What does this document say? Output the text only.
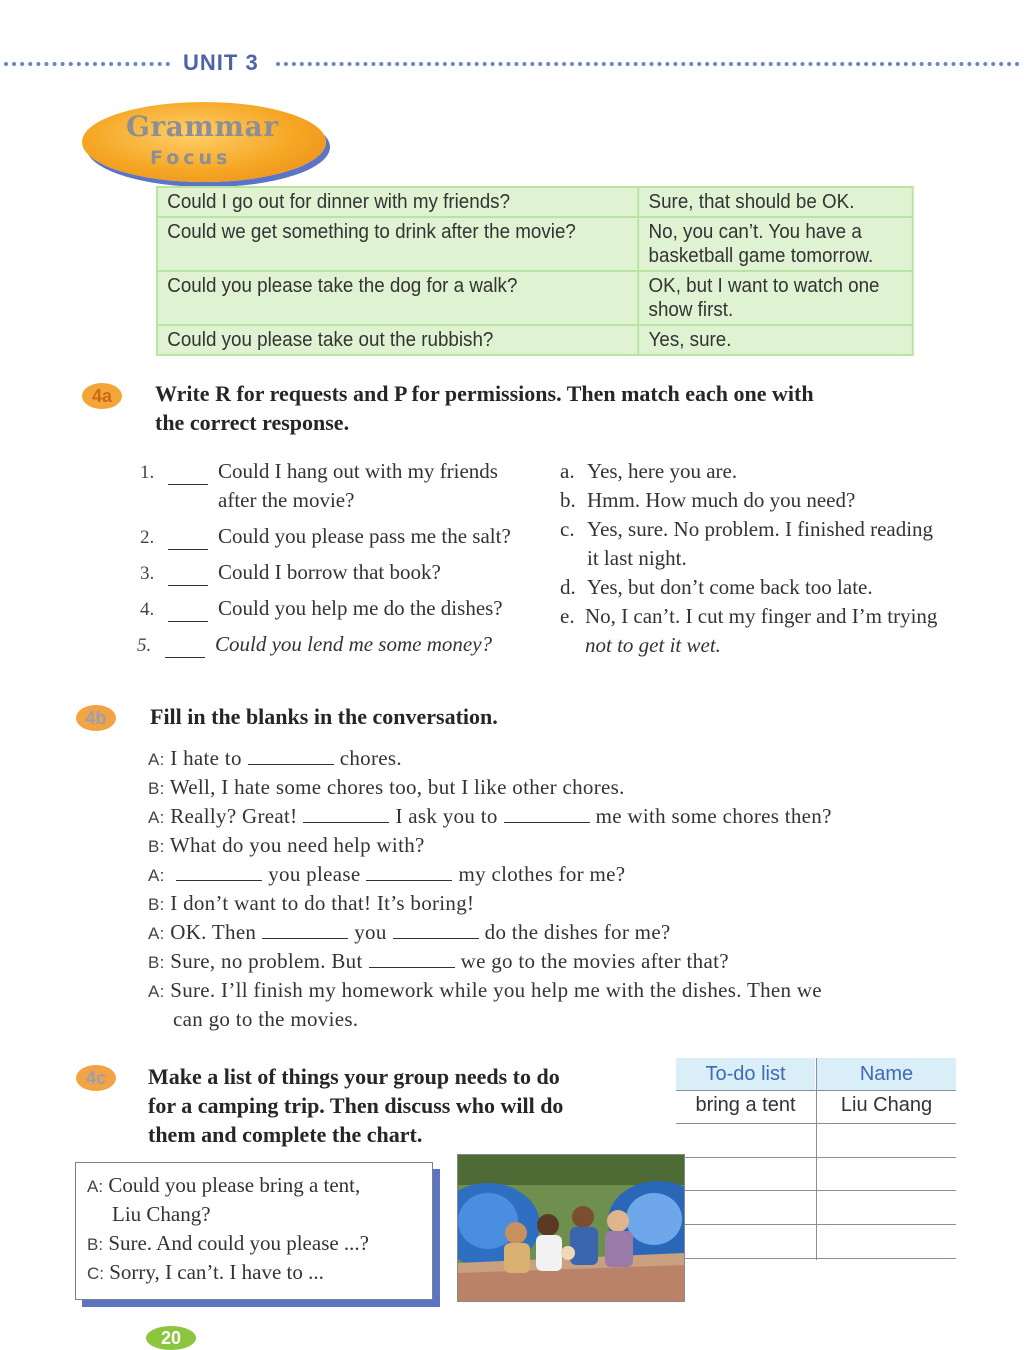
UNIT 3
Grammar
Focus
Could I go out for dinner with my friends?	Sure, that should be OK.
Could we get something to drink after the movie?	No, you can’t. You have a basketball game tomorrow.
Could you please take the dog for a walk?	OK, but I want to watch one show first.
Could you please take out the rubbish?	Yes, sure.
4a	Write R for requests and P for permissions. Then match each one with
the correct response.
1.	Could I hang out with my friends
after the movie?
2.	Could you please pass me the salt?
3.	Could I borrow that book?
4.	Could you help me do the dishes?
5.	Could you lend me some money?
a. Yes, here you are.
b. Hmm. How much do you need?
c. Yes, sure. No problem. I finished reading
it last night.
d. Yes, but don’t come back too late.
e. No, I can’t. I cut my finger and I’m trying
not to get it wet.
4b	Fill in the blanks in the conversation.
A: I hate to	chores.
B: Well, I hate some chores too, but I like other chores.
A: Really? Great!	I ask you to	me with some chores then?
B: What do you need help with?
A:	you please	my clothes for me?
B: I don’t want to do that! It’s boring!
A: OK. Then	you	do the dishes for me?
B: Sure, no problem. But	we go to the movies after that?
A: Sure. I’ll finish my homework while you help me with the dishes. Then we
can go to the movies.
4c	Make a list of things your group needs to do
for a camping trip. Then discuss who will do
them and complete the chart.
To-do list	Name
bring a tent	Liu Chang
A: Could you please bring a tent,
Liu Chang?
B: Sure. And could you please ...?
C: Sorry, I can’t. I have to ...
20
